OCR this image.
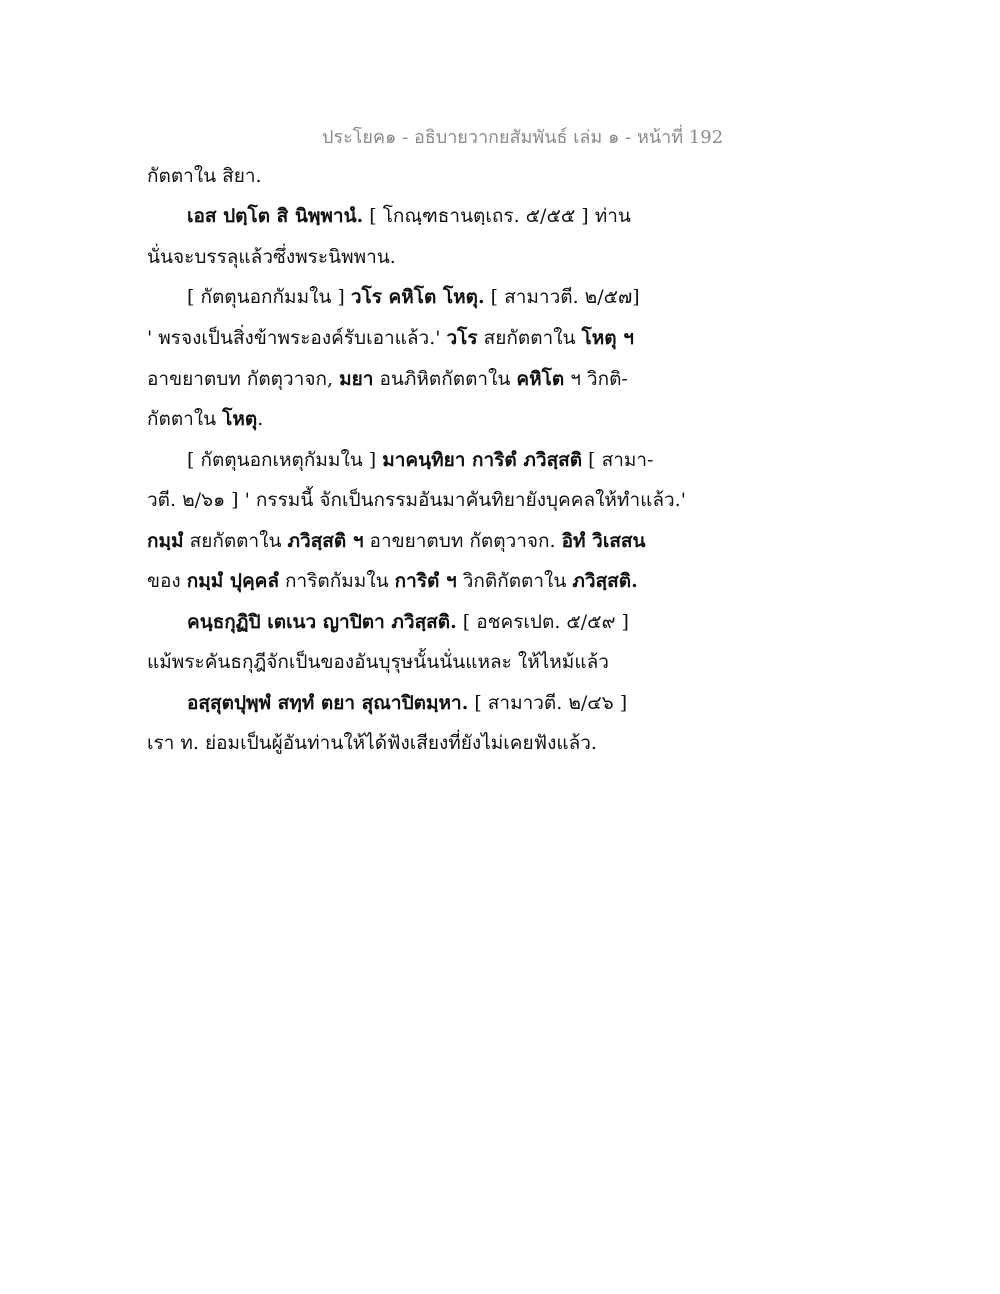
ประโยค๑ - อธิบายวากยสัมพันธ์ เล่ม ๑ - หน้าที่ 192
กัตตาใน สิยา.
เอส ปตฺโต สิ นิพฺพานํ. [ โกณฺฑธานตฺเถร. ๕/๕๕ ] ท่าน
นั่นจะบรรลุแล้วซึ่งพระนิพพาน.
[ กัตตุนอกกัมมใน ] วโร คหิโต โหตุ. [ สามาวตี. ๒/๕๗]
' พรจงเป็นสิ่งข้าพระองค์รับเอาแล้ว.' วโร สยกัตตาใน โหตุ ฯ
อาขยาตบท กัตตุวาจก, มยา อนภิหิตกัตตาใน คหิโต ฯ วิกติ-
กัตตาใน โหตุ.
[ กัตตุนอกเหตุกัมมใน ] มาคนฺทิยา การิตํ ภวิสฺสติ [ สามา-
วตี. ๒/๖๑ ] ' กรรมนี้ จักเป็นกรรมอันมาคันทิยายังบุคคลให้ทำแล้ว.'
กมฺมํ สยกัตตาใน ภวิสฺสติ ฯ อาขยาตบท กัตตุวาจก. อิทํ วิเสสน
ของ กมฺมํ ปุคฺคลํ การิตกัมมใน การิตํ ฯ วิกติกัตตาใน ภวิสฺสติ.
คนฺธกุฏิปิ เตเนว ญาปิตา ภวิสฺสติ. [ อชครเปต. ๕/๕๙ ]
แม้พระคันธกุฎีจักเป็นของอันบุรุษนั้นนั่นแหละ ให้ไหม้แล้ว
อสฺสุตปุพฺพํ สทฺทํ ตยา สุณาปิตมฺหา. [ สามาวตี. ๒/๔๖ ]
เรา ท. ย่อมเป็นผู้อันท่านให้ได้ฟังเสียงที่ยังไม่เคยฟังแล้ว.
